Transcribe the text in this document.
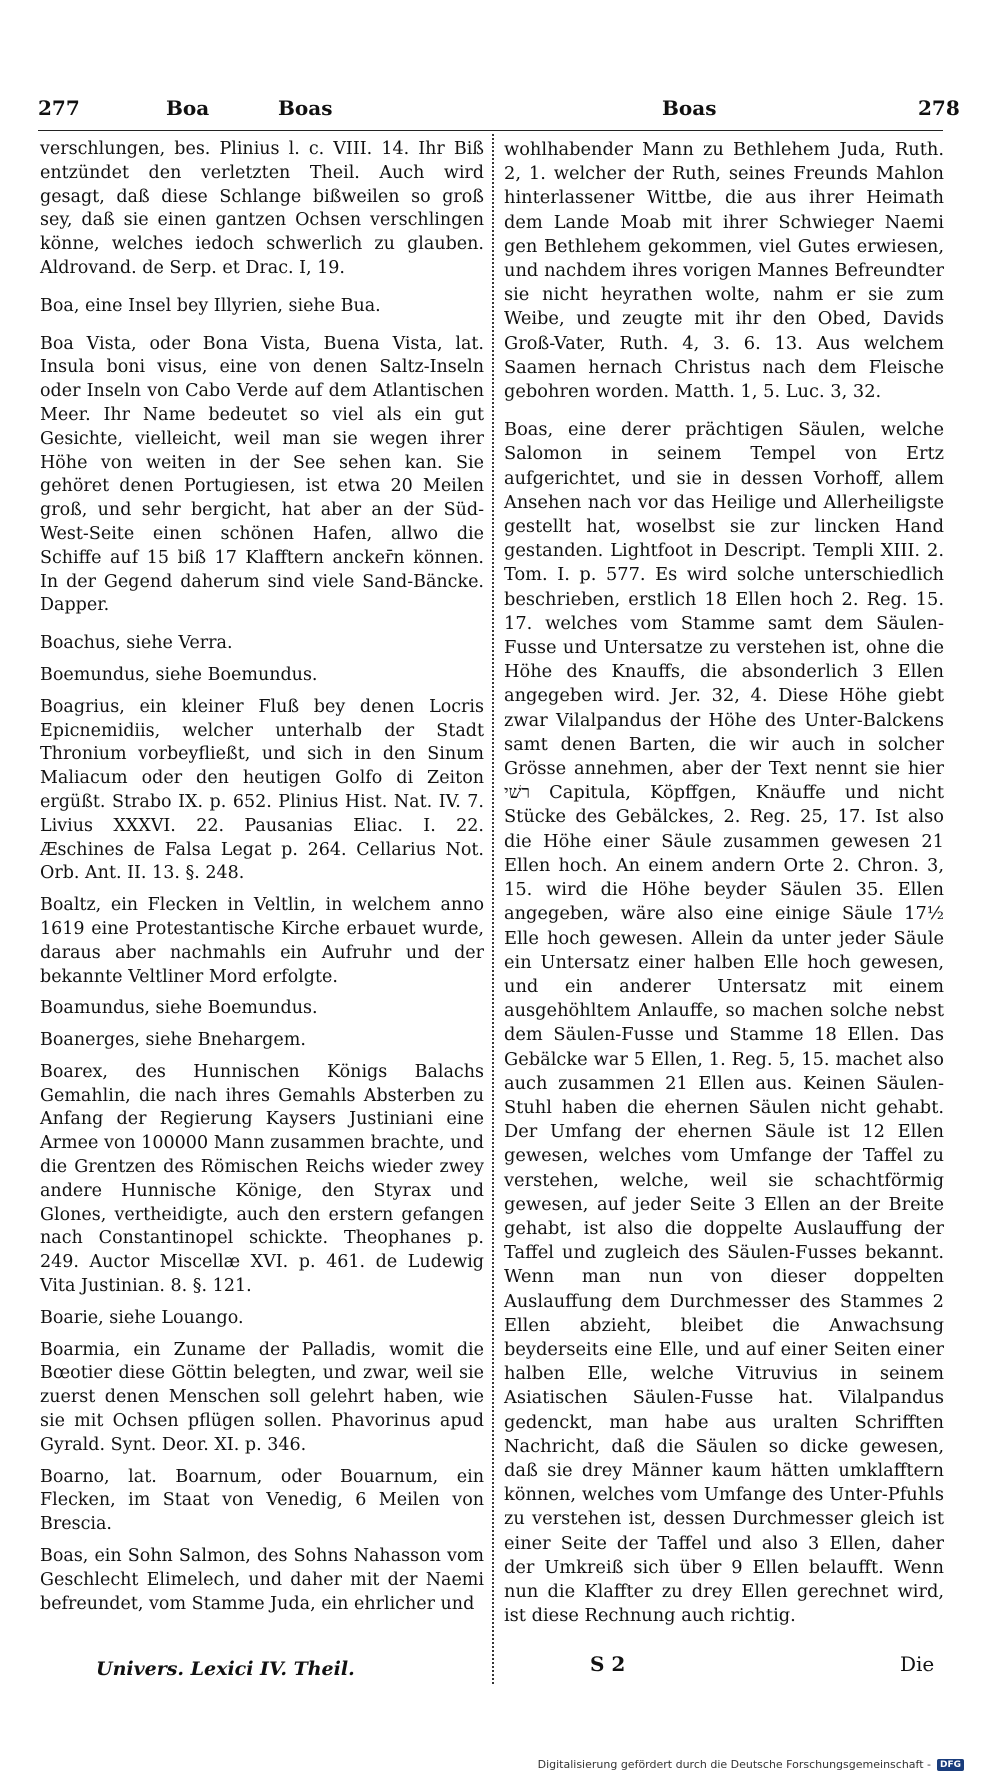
277	Boa	Boas	Boas	278

verschlungen, bes. Plinius l. c. VIII. 14. Ihr Biß entzündet den verletzten Theil. Auch wird gesagt, daß diese Schlange bißweilen so groß sey, daß sie einen gantzen Ochsen verschlingen könne, welches iedoch schwerlich zu glauben. Aldrovand. de Serp. et Drac. I, 19.

Boa, eine Insel bey Illyrien, siehe Bua.

Boa Vista, oder Bona Vista, Buena Vista, lat. Insula boni visus, eine von denen Saltz-Inseln oder Inseln von Cabo Verde auf dem Atlantischen Meer. Ihr Name bedeutet so viel als ein gut Gesichte, vielleicht, weil man sie wegen ihrer Höhe von weiten in der See sehen kan. Sie gehöret denen Portugiesen, ist etwa 20 Meilen groß, und sehr bergicht, hat aber an der Süd-West-Seite einen schönen Hafen, allwo die Schiffe auf 15 biß 17 Klafftern ancker̄n können. In der Gegend daherum sind viele Sand-Bäncke. Dapper.

Boachus, siehe Verra.

Boemundus, siehe Boemundus.

Boagrius, ein kleiner Fluß bey denen Locris Epicnemidiis, welcher unterhalb der Stadt Thronium vorbeyfließt, und sich in den Sinum Maliacum oder den heutigen Golfo di Zeiton ergüßt. Strabo IX. p. 652. Plinius Hist. Nat. IV. 7. Livius XXXVI. 22. Pausanias Eliac. I. 22. Æschines de Falsa Legat p. 264. Cellarius Not. Orb. Ant. II. 13. §. 248.

Boaltz, ein Flecken in Veltlin, in welchem anno 1619 eine Protestantische Kirche erbauet wurde, daraus aber nachmahls ein Aufruhr und der bekannte Veltliner Mord erfolgte.

Boamundus, siehe Boemundus.

Boanerges, siehe Bnehargem.

Boarex, des Hunnischen Königs Balachs Gemahlin, die nach ihres Gemahls Absterben zu Anfang der Regierung Kaysers Justiniani eine Armee von 100000 Mann zusammen brachte, und die Grentzen des Römischen Reichs wieder zwey andere Hunnische Könige, den Styrax und Glones, vertheidigte, auch den erstern gefangen nach Constantinopel schickte. Theophanes p. 249. Auctor Miscellæ XVI. p. 461. de Ludewig Vita Justinian. 8. §. 121.

Boarie, siehe Louango.

Boarmia, ein Zuname der Palladis, womit die Bœotier diese Göttin belegten, und zwar, weil sie zuerst denen Menschen soll gelehrt haben, wie sie mit Ochsen pflügen sollen. Phavorinus apud Gyrald. Synt. Deor. XI. p. 346.

Boarno, lat. Boarnum, oder Bouarnum, ein Flecken, im Staat von Venedig, 6 Meilen von Brescia.

Boas, ein Sohn Salmon, des Sohns Nahasson vom Geschlecht Elimelech, und daher mit der Naemi befreundet, vom Stamme Juda, ein ehrlicher und

wohlhabender Mann zu Bethlehem Juda, Ruth. 2, 1. welcher der Ruth, seines Freunds Mahlon hinterlassener Wittbe, die aus ihrer Heimath dem Lande Moab mit ihrer Schwieger Naemi gen Bethlehem gekommen, viel Gutes erwiesen, und nachdem ihres vorigen Mannes Befreundter sie nicht heyrathen wolte, nahm er sie zum Weibe, und zeugte mit ihr den Obed, Davids Groß-Vater, Ruth. 4, 3. 6. 13. Aus welchem Saamen hernach Christus nach dem Fleische gebohren worden. Matth. 1, 5. Luc. 3, 32.

Boas, eine derer prächtigen Säulen, welche Salomon in seinem Tempel von Ertz aufgerichtet, und sie in dessen Vorhoff, allem Ansehen nach vor das Heilige und Allerheiligste gestellt hat, woselbst sie zur lincken Hand gestanden. Lightfoot in Descript. Templi XIII. 2. Tom. I. p. 577. Es wird solche unterschiedlich beschrieben, erstlich 18 Ellen hoch 2. Reg. 15. 17. welches vom Stamme samt dem Säulen-Fusse und Untersatze zu verstehen ist, ohne die Höhe des Knauffs, die absonderlich 3 Ellen angegeben wird. Jer. 32, 4. Diese Höhe giebt zwar Vilalpandus der Höhe des Unter-Balckens samt denen Barten, die wir auch in solcher Grösse annehmen, aber der Text nennt sie hier רשׁי Capitula, Köpffgen, Knäuffe und nicht Stücke des Gebälckes, 2. Reg. 25, 17. Ist also die Höhe einer Säule zusammen gewesen 21 Ellen hoch. An einem andern Orte 2. Chron. 3, 15. wird die Höhe beyder Säulen 35. Ellen angegeben, wäre also eine einige Säule 17½ Elle hoch gewesen. Allein da unter jeder Säule ein Untersatz einer halben Elle hoch gewesen, und ein anderer Untersatz mit einem ausgehöhltem Anlauffe, so machen solche nebst dem Säulen-Fusse und Stamme 18 Ellen. Das Gebälcke war 5 Ellen, 1. Reg. 5, 15. machet also auch zusammen 21 Ellen aus. Keinen Säulen-Stuhl haben die ehernen Säulen nicht gehabt. Der Umfang der ehernen Säule ist 12 Ellen gewesen, welches vom Umfange der Taffel zu verstehen, welche, weil sie schachtförmig gewesen, auf jeder Seite 3 Ellen an der Breite gehabt, ist also die doppelte Auslauffung der Taffel und zugleich des Säulen-Fusses bekannt. Wenn man nun von dieser doppelten Auslauffung dem Durchmesser des Stammes 2 Ellen abzieht, bleibet die Anwachsung beyderseits eine Elle, und auf einer Seiten einer halben Elle, welche Vitruvius in seinem Asiatischen Säulen-Fusse hat. Vilalpandus gedenckt, man habe aus uralten Schrifften Nachricht, daß die Säulen so dicke gewesen, daß sie drey Männer kaum hätten umklafftern können, welches vom Umfange des Unter-Pfuhls zu verstehen ist, dessen Durchmesser gleich ist einer Seite der Taffel und also 3 Ellen, daher der Umkreiß sich über 9 Ellen belaufft. Wenn nun die Klaffter zu drey Ellen gerechnet wird, ist diese Rechnung auch richtig.

Univers. Lexici IV. Theil.	S 2	Die
Digitalisierung gefördert durch die Deutsche Forschungsgemeinschaft -	DFG
